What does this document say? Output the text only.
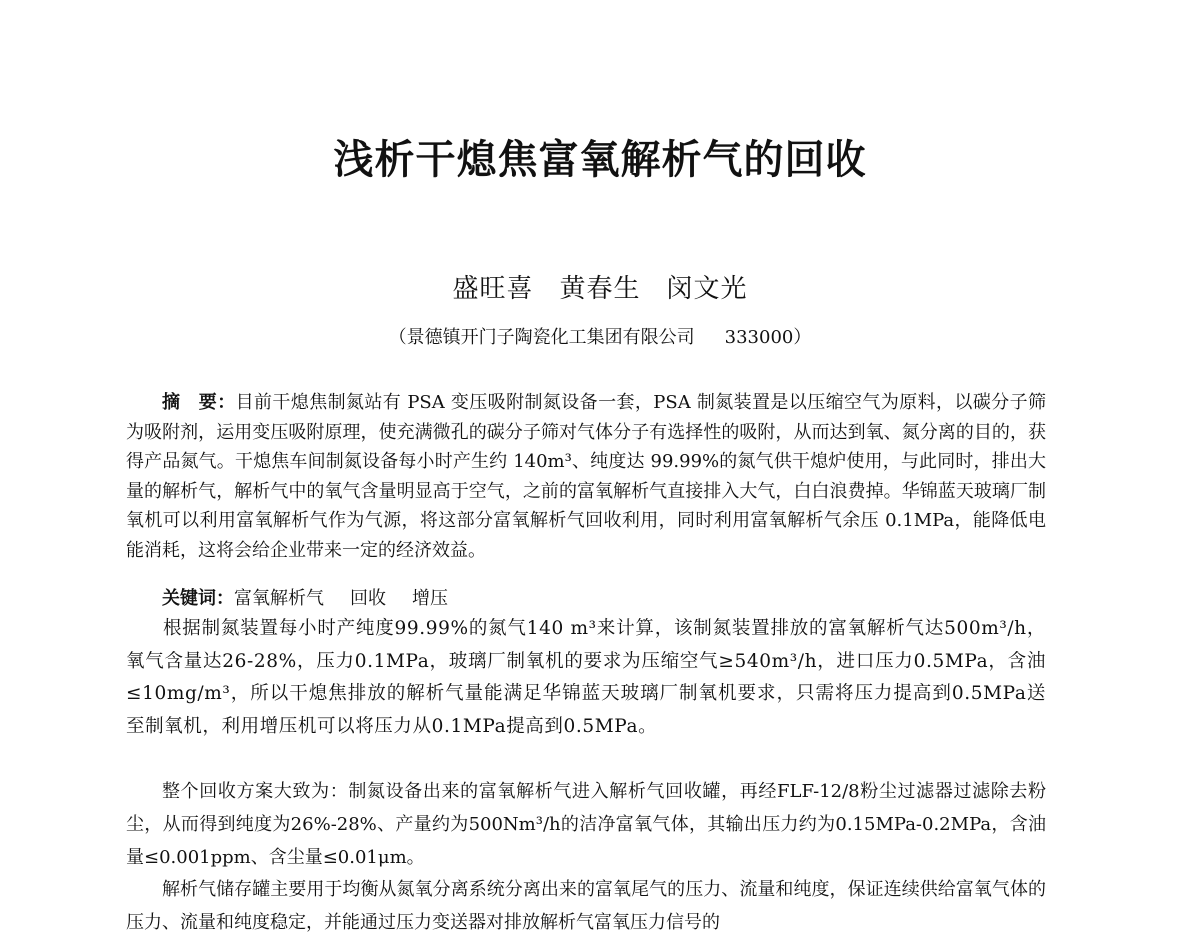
浅析干熄焦富氧解析气的回收

盛旺喜 黄春生 闵文光

（景德镇开门子陶瓷化工集团有限公司 333000）

摘　要：目前干熄焦制氮站有 PSA 变压吸附制氮设备一套，PSA 制氮装置是以压缩空气为原料，以碳分子筛为吸附剂，运用变压吸附原理，使充满微孔的碳分子筛对气体分子有选择性的吸附，从而达到氧、氮分离的目的，获得产品氮气。干熄焦车间制氮设备每小时产生约 140m³、纯度达 99.99%的氮气供干熄炉使用，与此同时，排出大量的解析气，解析气中的氧气含量明显高于空气，之前的富氧解析气直接排入大气，白白浪费掉。华锦蓝天玻璃厂制氧机可以利用富氧解析气作为气源，将这部分富氧解析气回收利用，同时利用富氧解析气余压 0.1MPa，能降低电能消耗，这将会给企业带来一定的经济效益。

关键词：富氧解析气 回收 增压

根据制氮装置每小时产纯度99.99%的氮气140 m³来计算，该制氮装置排放的富氧解析气达500m³/h，氧气含量达26-28%，压力0.1MPa，玻璃厂制氧机的要求为压缩空气≥540m³/h，进口压力0.5MPa，含油≤10mg/m³，所以干熄焦排放的解析气量能满足华锦蓝天玻璃厂制氧机要求，只需将压力提高到0.5MPa送至制氧机，利用增压机可以将压力从0.1MPa提高到0.5MPa。

整个回收方案大致为：制氮设备出来的富氧解析气进入解析气回收罐，再经FLF-12/8粉尘过滤器过滤除去粉尘，从而得到纯度为26%-28%、产量约为500Nm³/h的洁净富氧气体，其输出压力约为0.15MPa-0.2MPa，含油量≤0.001ppm、含尘量≤0.01μm。

解析气储存罐主要用于均衡从氮氧分离系统分离出来的富氧尾气的压力、流量和纯度，保证连续供给富氧气体的压力、流量和纯度稳定，并能通过压力变送器对排放解析气富氧压力信号的
